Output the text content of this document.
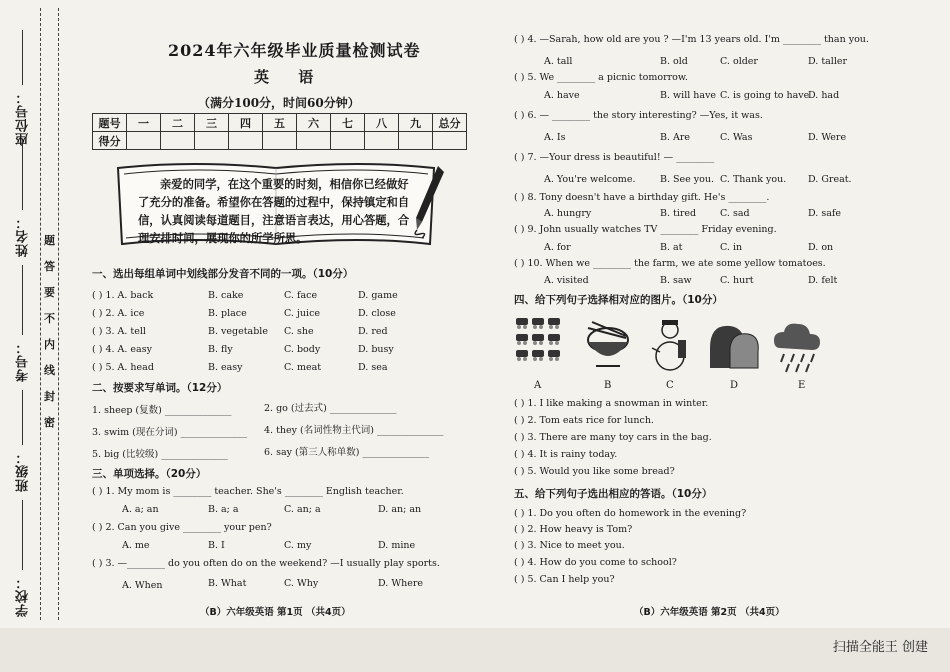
座位号：
姓名：
考号：
班级：
学校：
题
答
要
不
内
线
封
密
2024年六年级毕业质量检测试卷
英 语
（满分100分，时间60分钟）
题号	一	二	三	四	五	六	七	八	九	总分
得分										
亲爱的同学，在这个重要的时刻，相信你已经做好了充分的准备。希望你在答题的过程中，保持镇定和自信，认真阅读每道题目，注意语言表达，用心答题，合理安排时间，展现你的所学所思。
一、选出每组单词中划线部分发音不同的一项。（10分）
( ) 1. A. back	B. cake	C. face	D. game
( ) 2. A. ice	B. place	C. juice	D. close
( ) 3. A. tell	B. vegetable C. she	D. red
( ) 4. A. easy	B. fly	C. body	D. busy
( ) 5. A. head	B. easy	C. meat	D. sea
二、按要求写单词。（12分）
1. sheep (复数) ______________	2. go (过去式) ______________
3. swim (现在分词) ______________ 4. they (名词性物主代词) ______________
5. big (比较级) ______________	6. say (第三人称单数) ______________
三、单项选择。（20分）
( ) 1. My mom is ________ teacher. She's ________ English teacher.
A. a; an	B. a; a	C. an; a	D. an; an
( ) 2. Can you give ________ your pen?
A. me	B. I	C. my	D. mine
( ) 3. —________ do you often do on the weekend? —I usually play sports.
A. When	B. What	C. Why	D. Where
（B）六年级英语 第1页 （共4页）
( ) 4. —Sarah, how old are you ? —I'm 13 years old. I'm ________ than you.
A. tall	B. old	C. older	D. taller
( ) 5. We ________ a picnic tomorrow.
A. have	B. will have C. is going to have
D. had
( ) 6. — ________ the story interesting? —Yes, it was.
A. Is	B. Are	C. Was	D. Were
( ) 7. —Your dress is beautiful! — ________
A. You're welcome.	B. See you. C. Thank you. D. Great.
( ) 8. Tony doesn't have a birthday gift. He's ________.
A. hungry	B. tired	C. sad	D. safe
( ) 9. John usually watches TV ________ Friday evening.
A. for	B. at	C. in	D. on
( ) 10. When we ________ the farm, we ate some yellow tomatoes.
A. visited	B. saw	C. hurt	D. felt
四、给下列句子选择相对应的图片。（10分）
A	B	C	D	E
( ) 1. I like making a snowman in winter.
( ) 2. Tom eats rice for lunch.
( ) 3. There are many toy cars in the bag.
( ) 4. It is rainy today.
( ) 5. Would you like some bread?
五、给下列句子选出相应的答语。（10分）
( ) 1. Do you often do homework in the evening?
( ) 2. How heavy is Tom?
( ) 3. Nice to meet you.
( ) 4. How do you come to school?
( ) 5. Can I help you?
（B）六年级英语 第2页 （共4页）
扫描全能王 创建
